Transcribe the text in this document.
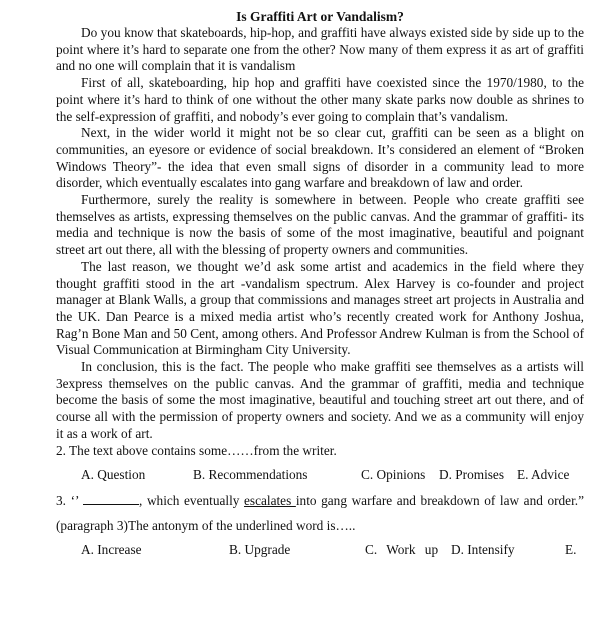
Is Graffiti Art or Vandalism?

Do you know that skateboards, hip-hop, and graffiti have always existed side by side up to the point where it’s hard to separate one from the other? Now many of them express it as art of graffiti and no one will complain that it is vandalism

First of all, skateboarding, hip hop and graffiti have coexisted since the 1970/1980, to the point where it’s hard to think of one without the other many skate parks now double as shrines to the self-expression of graffiti, and nobody’s ever going to complain that’s vandalism.

Next, in the wider world it might not be so clear cut, graffiti can be seen as a blight on communities, an eyesore or evidence of social breakdown. It’s considered an element of “Broken Windows Theory”- the idea that even small signs of disorder in a community lead to more disorder, which eventually escalates into gang warfare and breakdown of law and order.

Furthermore, surely the reality is somewhere in between. People who create graffiti see themselves as artists, expressing themselves on the public canvas. And the grammar of graffiti- its media and technique is now the basis of some of the most imaginative, beautiful and poignant street art out there, all with the blessing of property owners and communities.

The last reason, we thought we’d ask some artist and academics in the field where they thought graffiti stood in the art -vandalism spectrum. Alex Harvey is co-founder and project manager at Blank Walls, a group that commissions and manages street art projects in Australia and the UK. Dan Pearce is a mixed media artist who’s recently created work for Anthony Joshua, Rag’n Bone Man and 50 Cent, among others. And Professor Andrew Kulman is from the School of Visual Communication at Birmingham City University.

In conclusion, this is the fact. The people who make graffiti see themselves as a artists will 3express themselves on the public canvas. And the grammar of graffiti, media and technique become the basis of some the most imaginative, beautiful and touching street art out there, and of course all with the permission of property owners and society. And we as a community will enjoy it as a work of art.

2. The text above contains some……from the writer.

A. Question	B. Recommendations	C. Opinions	D. Promises E. Advice
3. ‘’	, which eventually escalates into gang warfare and breakdown of law and order.” (paragraph 3)The antonym of the underlined word is…..
A. Increase	B. Upgrade	C. Work up D. Intensify	E.
